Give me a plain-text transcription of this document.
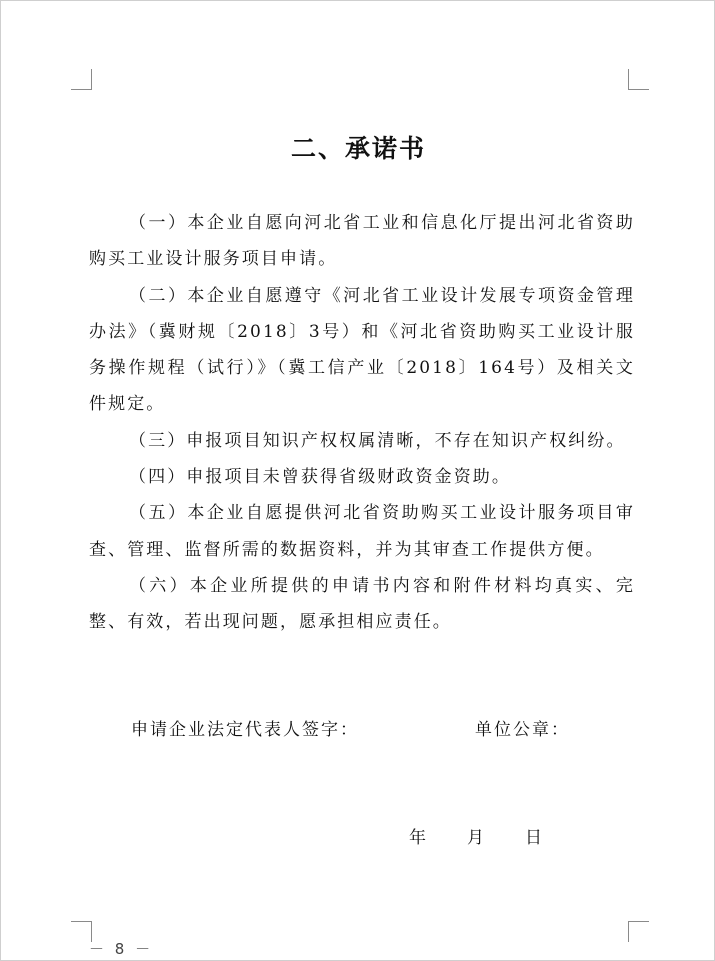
二、承诺书

（一）本企业自愿向河北省工业和信息化厅提出河北省资助购买工业设计服务项目申请。

（二）本企业自愿遵守《河北省工业设计发展专项资金管理办法》（冀财规〔2018〕3号）和《河北省资助购买工业设计服务操作规程（试行）》（冀工信产业〔2018〕164号）及相关文件规定。

（三）申报项目知识产权权属清晰，不存在知识产权纠纷。

（四）申报项目未曾获得省级财政资金资助。

（五）本企业自愿提供河北省资助购买工业设计服务项目审查、管理、监督所需的数据资料，并为其审查工作提供方便。

（六）本企业所提供的申请书内容和附件材料均真实、完整、有效，若出现问题，愿承担相应责任。

申请企业法定代表人签字：	单位公章：
年 月 日
－ 8 －
